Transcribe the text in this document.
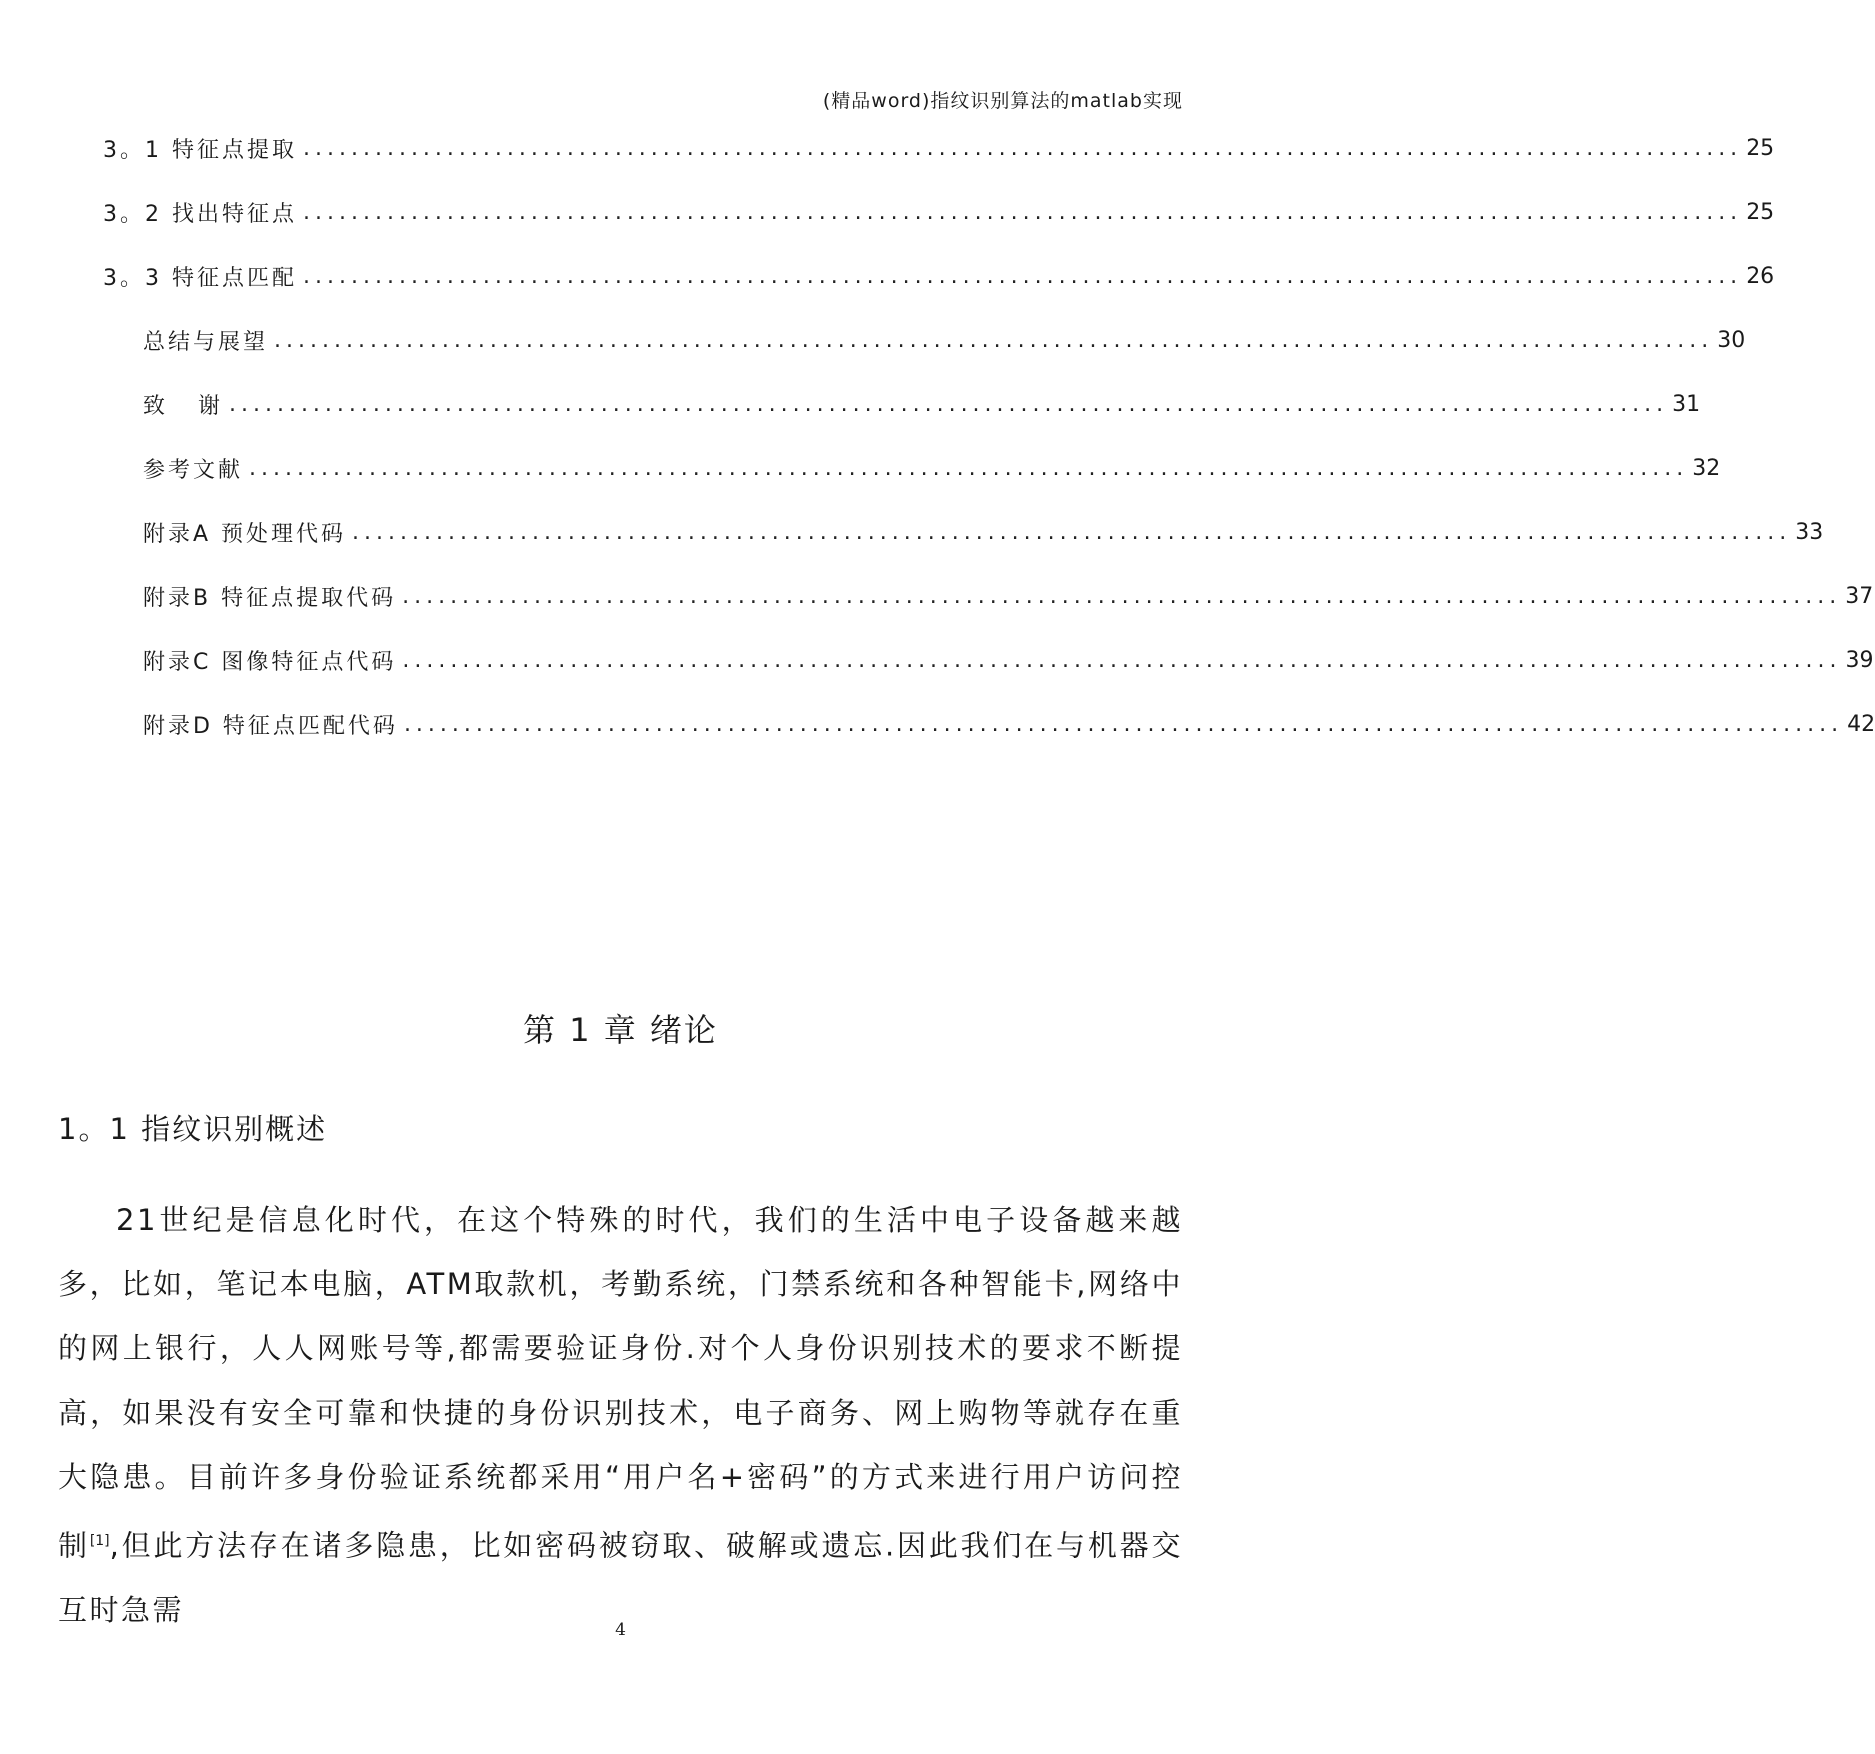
(精品word)指纹识别算法的matlab实现
3。1 特征点提取 ........................................................................................................................ 25
3。2 找出特征点 ........................................................................................................................ 25
3。3 特征点匹配 ........................................................................................................................ 26
总结与展望 ........................................................................................................................ 30
致   谢 ........................................................................................................................ 31
参考文献 ........................................................................................................................ 32
附录A 预处理代码 ........................................................................................................................ 33
附录B 特征点提取代码 ........................................................................................................................ 37
附录C 图像特征点代码 ........................................................................................................................ 39
附录D 特征点匹配代码 ........................................................................................................................ 42
第 1 章 绪论
1。1 指纹识别概述

21世纪是信息化时代，在这个特殊的时代，我们的生活中电子设备越来越多，比如，笔记本电脑，ATM取款机，考勤系统，门禁系统和各种智能卡,网络中的网上银行，人人网账号等,都需要验证身份.对个人身份识别技术的要求不断提高，如果没有安全可靠和快捷的身份识别技术，电子商务、网上购物等就存在重大隐患。目前许多身份验证系统都采用“用户名+密码”的方式来进行用户访问控制[1],但此方法存在诸多隐患，比如密码被窃取、破解或遗忘.因此我们在与机器交互时急需

4
